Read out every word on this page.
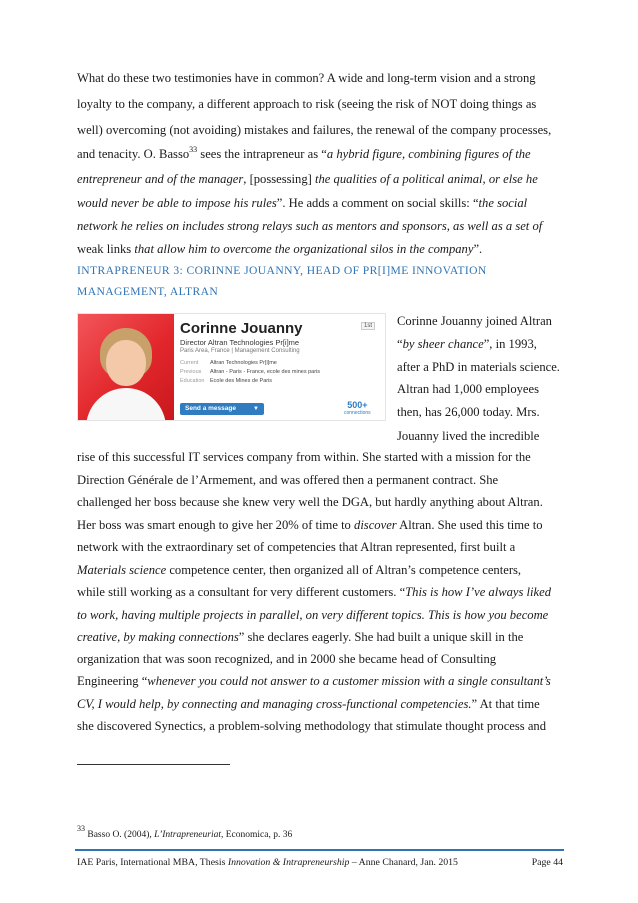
What do these two testimonies have in common? A wide and long-term vision and a strong
loyalty to the company, a different approach to risk (seeing the risk of NOT doing things as
well) overcoming (not avoiding) mistakes and failures, the renewal of the company processes,
and tenacity. O. Basso$^{33}$ sees the intrapreneur as “a hybrid figure, combining figures of the
entrepreneur and of the manager, [possessing] the qualities of a political animal, or else he
would never be able to impose his rules”. He adds a comment on social skills: “the social
network he relies on includes strong relays such as mentors and sponsors, as well as a set of
weak links that allow him to overcome the organizational silos in the company”.
INTRAPRENEUR 3: CORINNE JOUANNY, HEAD OF PR[I]ME INNOVATION
MANAGEMENT, ALTRAN
Corinne Jouanny
Director Altran Technologies Pr[i]me
Paris Area, France | Management Consulting
Current Altran Technologies Pr[i]me
Previous Altran - Paris - France, ecole des mines paris
Education Ecole des Mines de Paris
Send a message	▼
1st
500+
connections
Corinne Jouanny joined Altran
“by sheer chance”, in 1993,
after a PhD in materials science.
Altran had 1,000 employees
then, has 26,000 today. Mrs.
Jouanny lived the incredible
rise of this successful IT services company from within. She started with a mission for the
Direction Générale de l’Armement, and was offered then a permanent contract. She
challenged her boss because she knew very well the DGA, but hardly anything about Altran.
Her boss was smart enough to give her 20% of time to discover Altran. She used this time to
network with the extraordinary set of competencies that Altran represented, first built a
Materials science competence center, then organized all of Altran’s competence centers,
while still working as a consultant for very different customers. “This is how I’ve always liked
to work, having multiple projects in parallel, on very different topics. This is how you become
creative, by making connections” she declares eagerly. She had built a unique skill in the
organization that was soon recognized, and in 2000 she became head of Consulting
Engineering “whenever you could not answer to a customer mission with a single consultant’s
CV, I would help, by connecting and managing cross-functional competencies.” At that time
she discovered Synectics, a problem-solving methodology that stimulate thought process and
$^{33}$ Basso O. (2004), L’Intrapreneuriat, Economica, p. 36
IAE Paris, International MBA, Thesis Innovation & Intrapreneurship – Anne Chanard, Jan. 2015	Page 44
